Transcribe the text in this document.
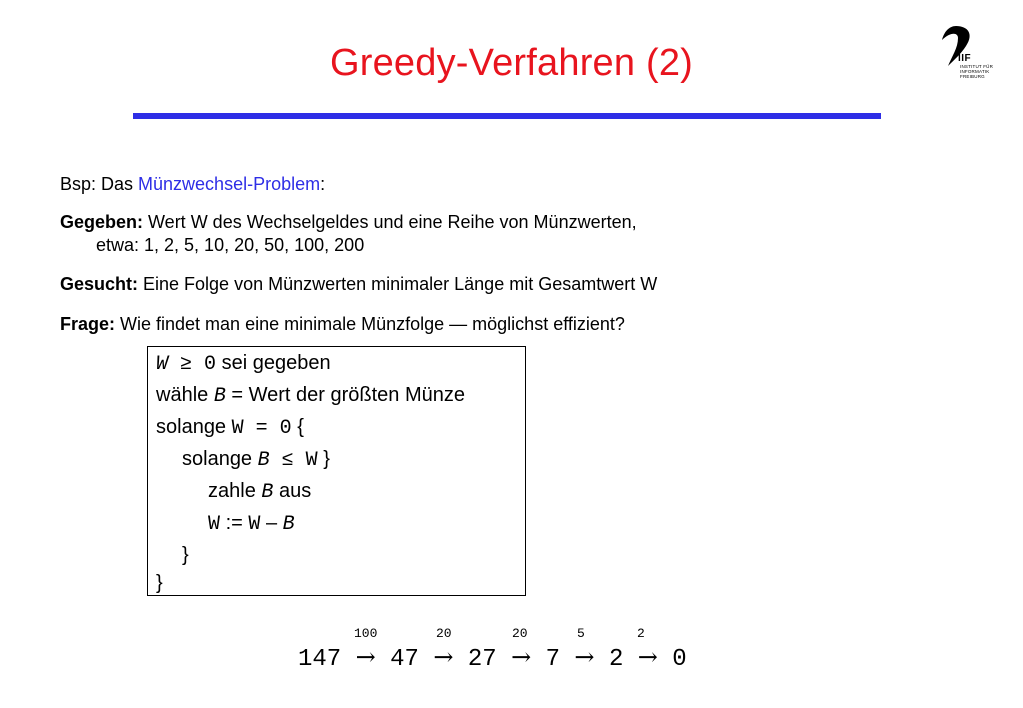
Greedy-Verfahren (2)	IIF
INSTITUT FÜR
INFORMATIK
FREIBURG
Bsp: Das Münzwechsel-Problem:
Gegeben: Wert W des Wechselgeldes und eine Reihe von Münzwerten,
etwa: 1, 2, 5, 10, 20, 50, 100, 200
Gesucht: Eine Folge von Münzwerten minimaler Länge mit Gesamtwert W
Frage: Wie findet man eine minimale Münzfolge — möglichst effizient?
W ≥ 0 sei gegeben
wähle B = Wert der größten Münze
solange W = 0 {
solange B ≤ W }
zahle B aus
W := W – B
}
}
100	20	20	5	2
147 → 47 → 27 → 7 → 2 → 0
